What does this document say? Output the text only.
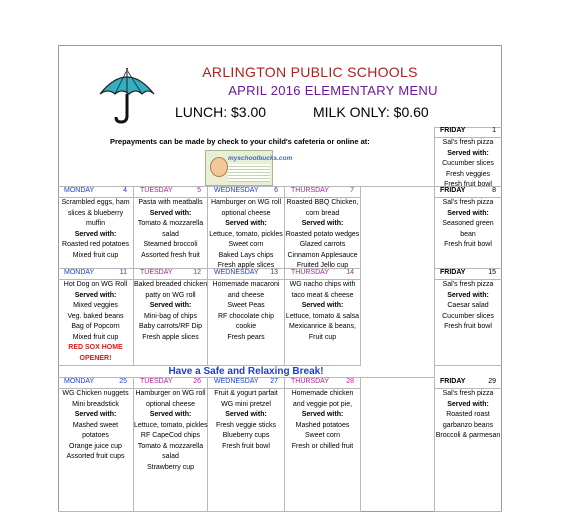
ARLINGTON PUBLIC SCHOOLS
APRIL 2016 ELEMENTARY MENU
LUNCH: $3.00	MILK ONLY: $0.60
Prepayments can be made by check to your child's cafeteria or online at:
myschoolbucks.com
FRIDAY	1
Sal's fresh pizza
Served with:
Cucumber slices
Fresh veggies
Fresh fruit bowl
MONDAY	4
Scrambled eggs, ham
slices & blueberry
muffin
Served with:
Roasted red potatoes
Mixed fruit cup
TUESDAY	5
Pasta with meatballs
Served with:
Tomato & mozzarella
salad
Steamed broccoli
Assorted fresh fruit
WEDNESDAY 6
Hamburger on WG roll
optional cheese
Served with:
Lettuce, tomato, pickles
Sweet corn
Baked Lays chips
Fresh apple slices
THURSDAY	7
Roasted BBQ Chicken,
corn bread
Served with:
Roasted potato wedges
Glazed carrots
Cinnamon Applesauce
Fruited Jello cup
FRIDAY	8
Sal's fresh pizza
Served with:
Seasoned green
bean
Fresh fruit bowl
MONDAY	11
Hot Dog on WG Roll
Served with:
Mixed veggies
Veg. baked beans
Bag of Popcorn
Mixed fruit cup
RED SOX HOME
OPENER!
TUESDAY	12
Baked breaded chicken
patty on WG roll
Served with:
Mini-bag of chips
Baby carrots/RF Dip
Fresh apple slices
WEDNESDAY 13
Homemade macaroni
and cheese
Sweet Peas
RF chocolate chip
cookie
Fresh pears
THURSDAY 14
WG nacho chips with
taco meat & cheese
Served with:
Lettuce, tomato & salsa
Mexicanrice & beans,
Fruit cup
FRIDAY	15
Sal's fresh pizza
Served with:
Caesar salad
Cucumber slices
Fresh fruit bowl
Have a Safe and Relaxing Break!
MONDAY	25
WG Chicken nuggets
Mini breadstick
Served with:
Mashed sweet
potatoes
Orange juice cup
Assorted fruit cups
TUESDAY	26
Hamburger on WG roll
optional cheese
Served with:
Lettuce, tomato, pickles
RF CapeCod chips
Tomato & mozzarella
salad
Strawberry cup
WEDNESDAY 27
Fruit & yogurt parfait
WG mini pretzel
Served with:
Fresh veggie sticks
Blueberry cups
Fresh fruit bowl
THURSDAY 28
Homemade chicken
and veggie pot pie,
Served with:
Mashed potatoes
Sweet corn
Fresh or chilled fruit
FRIDAY	29
Sal's fresh pizza
Served with:
Roasted roast
garbanzo beans
Broccoli & parmesan
